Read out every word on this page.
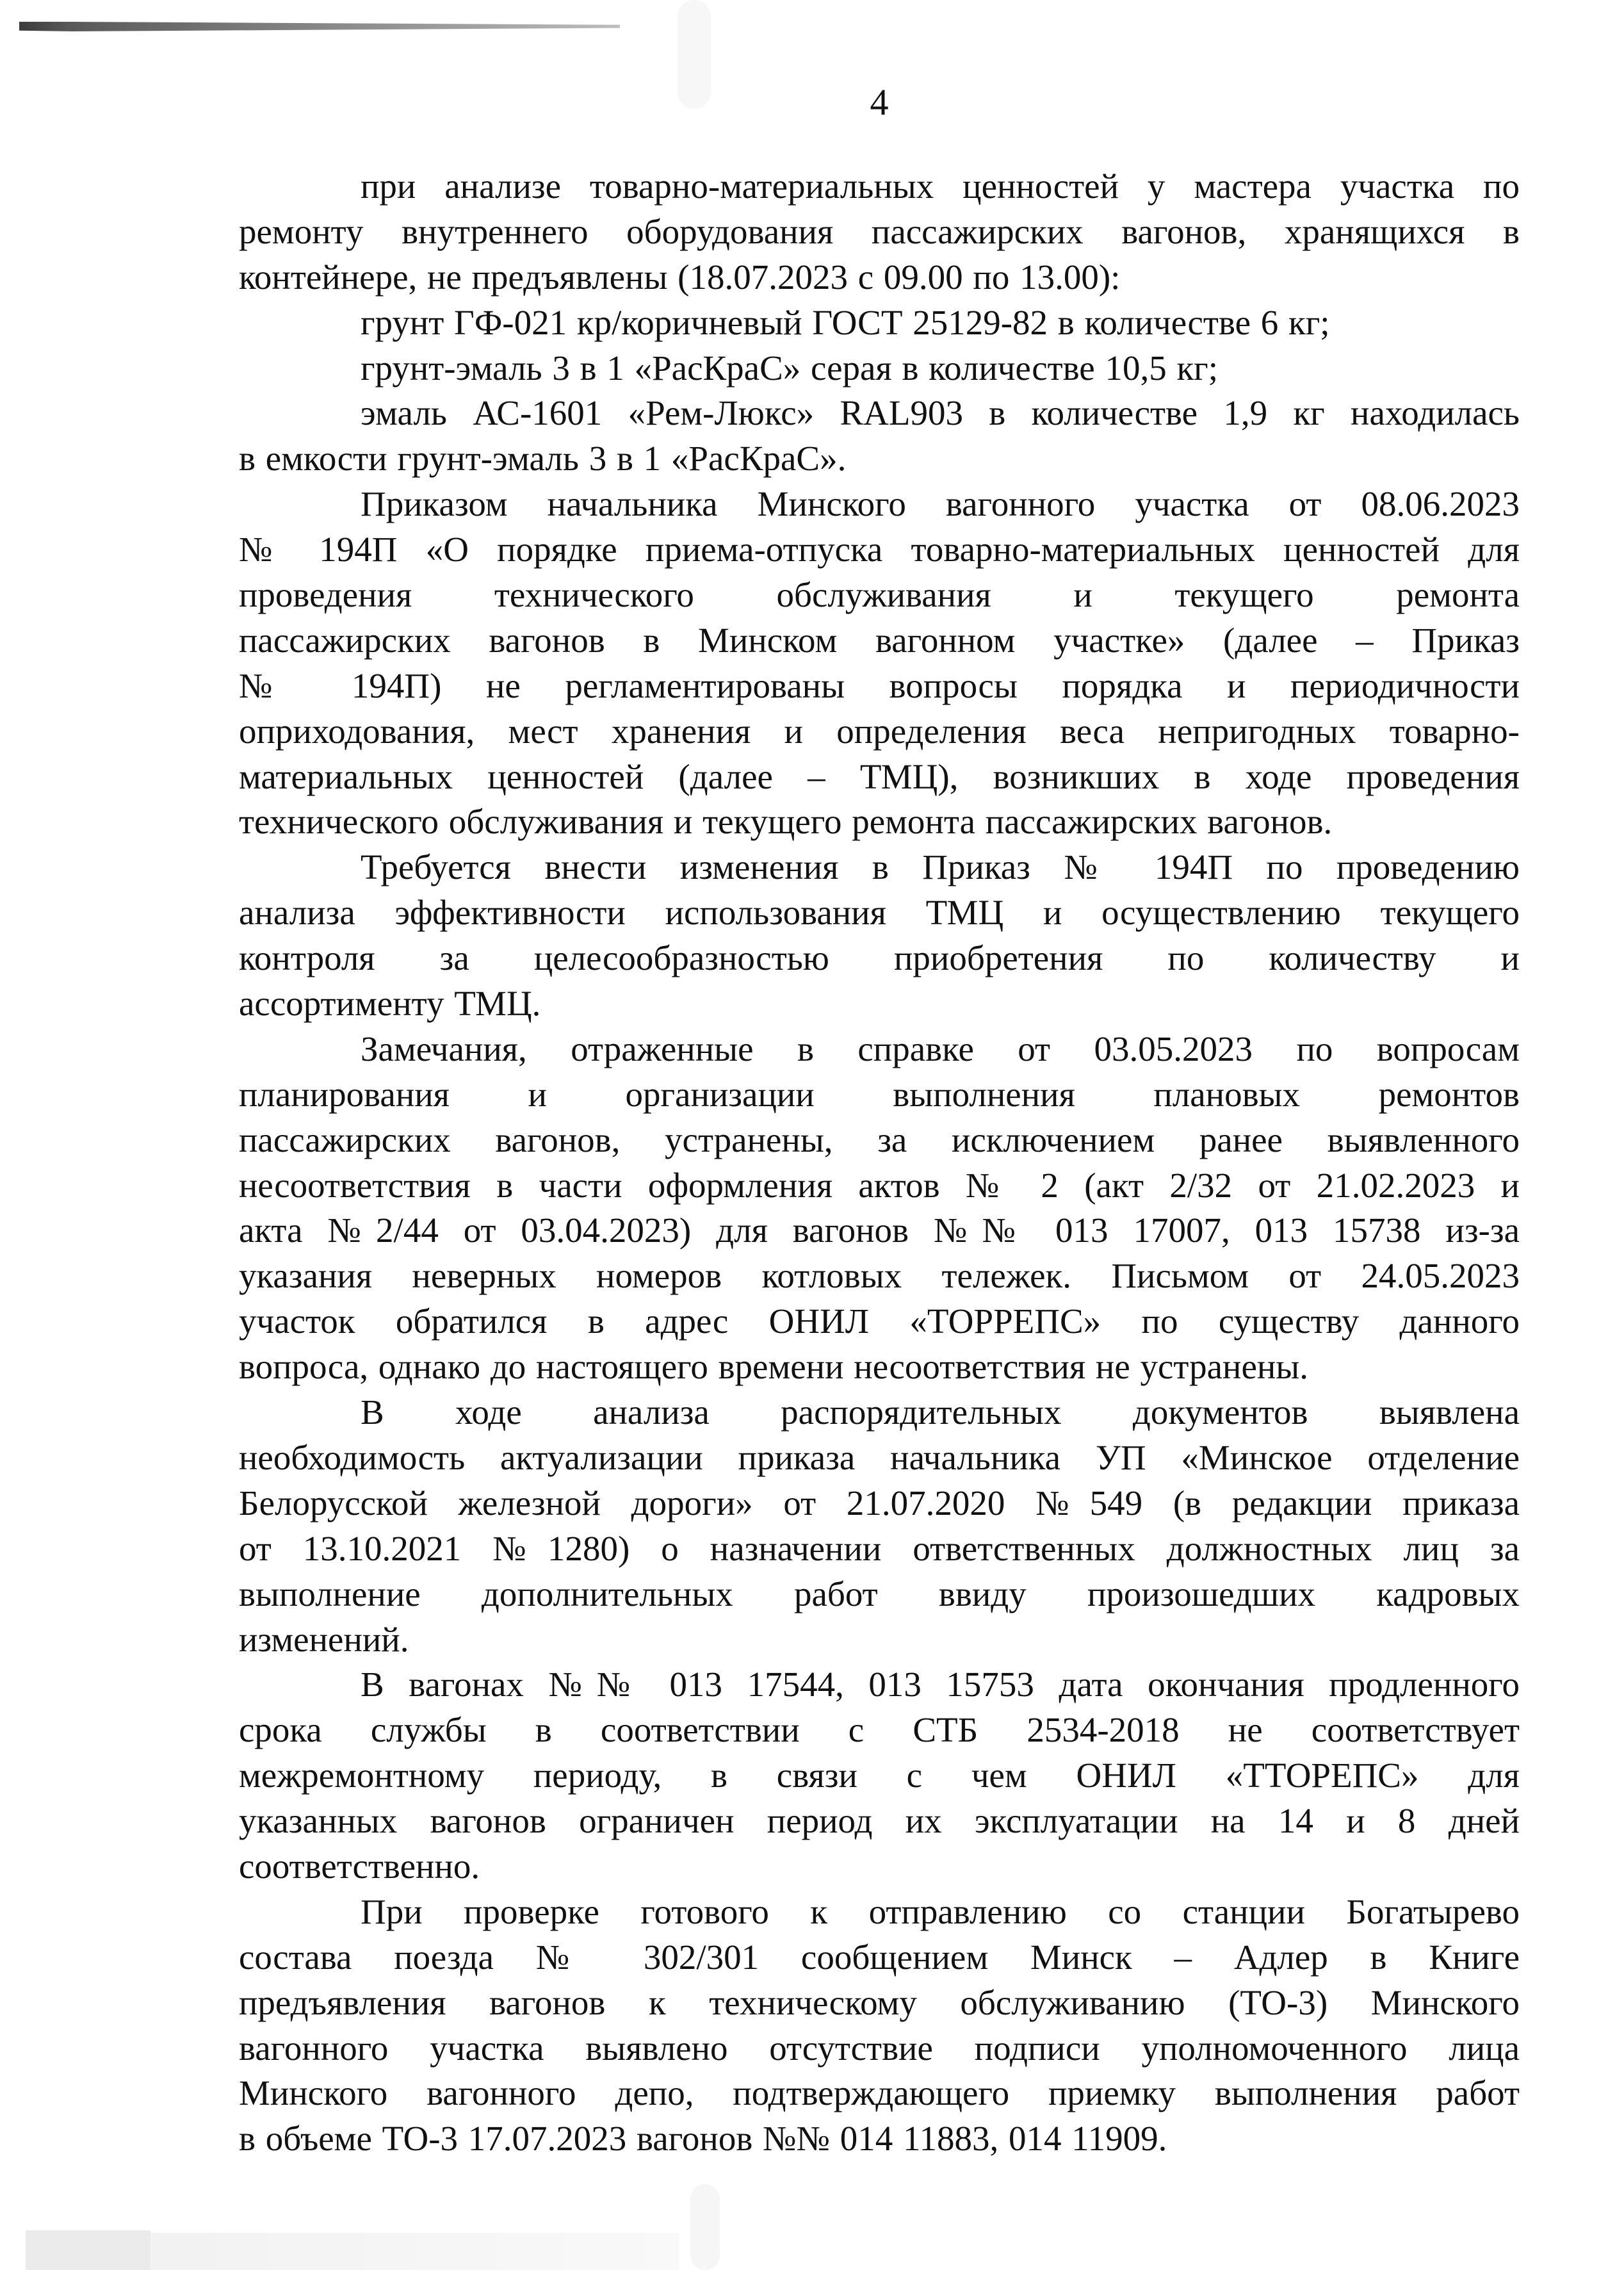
4
при анализе товарно-материальных ценностей у мастера участка по
ремонту внутреннего оборудования пассажирских вагонов, хранящихся в
контейнере, не предъявлены (18.07.2023 с 09.00 по 13.00):
грунт ГФ-021 кр/коричневый ГОСТ 25129-82 в количестве 6 кг;
грунт-эмаль 3 в 1 «РасКраС» серая в количестве 10,5 кг;
эмаль АС-1601 «Рем-Люкс» RAL903 в количестве 1,9 кг находилась
в емкости грунт-эмаль 3 в 1 «РасКраС».
Приказом начальника Минского вагонного участка от 08.06.2023
№ 194П «О порядке приема-отпуска товарно-материальных ценностей для
проведения технического обслуживания и текущего ремонта
пассажирских вагонов в Минском вагонном участке» (далее – Приказ
№ 194П) не регламентированы вопросы порядка и периодичности
оприходования, мест хранения и определения веса непригодных товарно-
материальных ценностей (далее – ТМЦ), возникших в ходе проведения
технического обслуживания и текущего ремонта пассажирских вагонов.
Требуется внести изменения в Приказ № 194П по проведению
анализа эффективности использования ТМЦ и осуществлению текущего
контроля за целесообразностью приобретения по количеству и
ассортименту ТМЦ.
Замечания, отраженные в справке от 03.05.2023 по вопросам
планирования и организации выполнения плановых ремонтов
пассажирских вагонов, устранены, за исключением ранее выявленного
несоответствия в части оформления актов № 2 (акт 2/32 от 21.02.2023 и
акта №2/44 от 03.04.2023) для вагонов №№ 013 17007, 013 15738 из-за
указания неверных номеров котловых тележек. Письмом от 24.05.2023
участок обратился в адрес ОНИЛ «ТОРРЕПС» по существу данного
вопроса, однако до настоящего времени несоответствия не устранены.
В ходе анализа распорядительных документов выявлена
необходимость актуализации приказа начальника УП «Минское отделение
Белорусской железной дороги» от 21.07.2020 №549 (в редакции приказа
от 13.10.2021 №1280) о назначении ответственных должностных лиц за
выполнение дополнительных работ ввиду произошедших кадровых
изменений.
В вагонах №№ 013 17544, 013 15753 дата окончания продленного
срока службы в соответствии с СТБ 2534-2018 не соответствует
межремонтному периоду, в связи с чем ОНИЛ «ТТОРЕПС» для
указанных вагонов ограничен период их эксплуатации на 14 и 8 дней
соответственно.
При проверке готового к отправлению со станции Богатырево
состава поезда № 302/301 сообщением Минск – Адлер в Книге
предъявления вагонов к техническому обслуживанию (ТО-3) Минского
вагонного участка выявлено отсутствие подписи уполномоченного лица
Минского вагонного депо, подтверждающего приемку выполнения работ
в объеме ТО-3 17.07.2023 вагонов №№ 014 11883, 014 11909.
